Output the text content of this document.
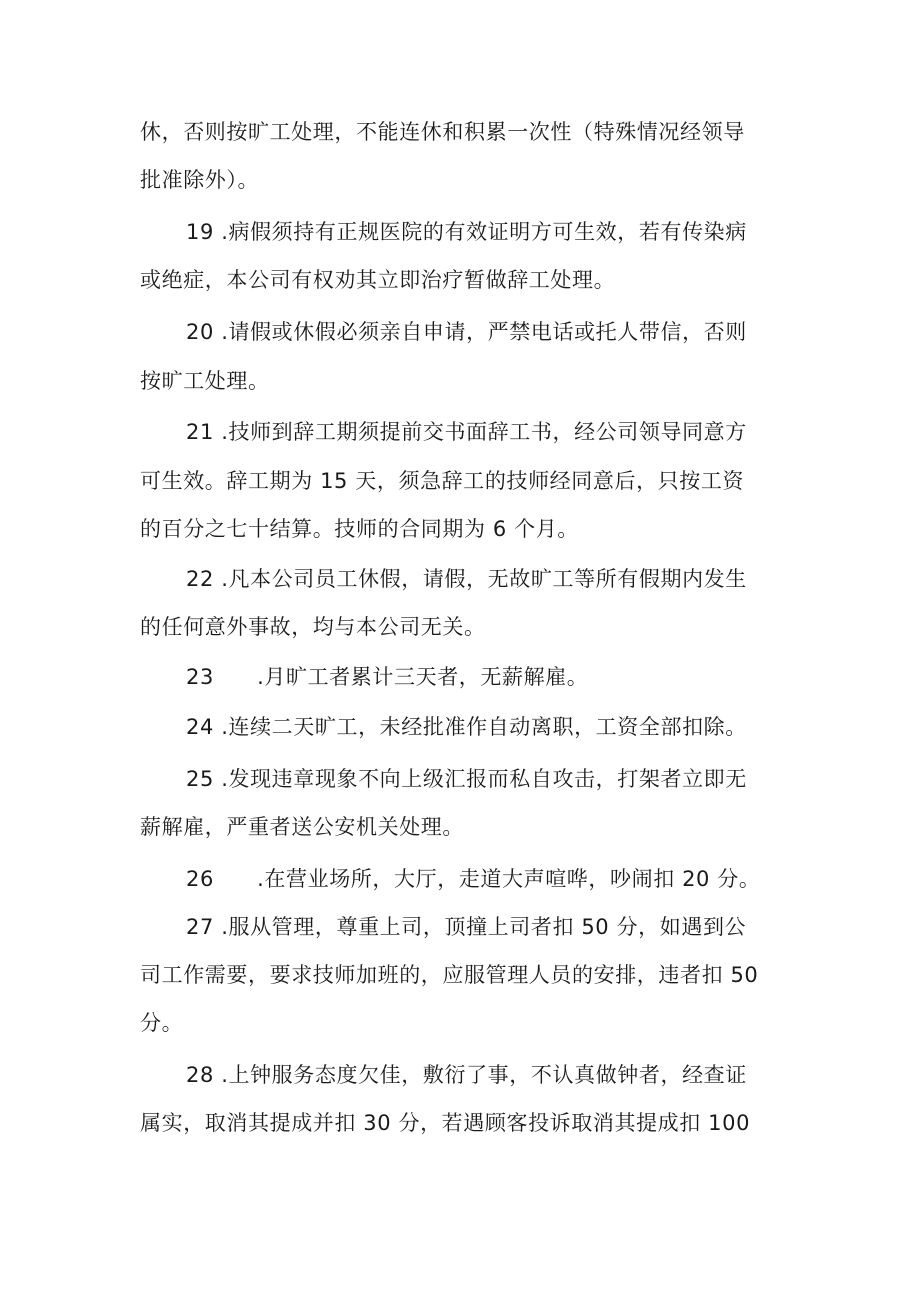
休，否则按旷工处理，不能连休和积累一次性（特殊情况经领导
批准除外）。
19 .病假须持有正规医院的有效证明方可生效，若有传染病
或绝症，本公司有权劝其立即治疗暂做辞工处理。
20 .请假或休假必须亲自申请，严禁电话或托人带信，否则
按旷工处理。
21 .技师到辞工期须提前交书面辞工书，经公司领导同意方
可生效。辞工期为 15 天，须急辞工的技师经同意后，只按工资
的百分之七十结算。技师的合同期为 6 个月。
22 .凡本公司员工休假，请假，无故旷工等所有假期内发生
的任何意外事故，均与本公司无关。
23　　.月旷工者累计三天者，无薪解雇。
24 .连续二天旷工，未经批准作自动离职，工资全部扣除。
25 .发现违章现象不向上级汇报而私自攻击，打架者立即无
薪解雇，严重者送公安机关处理。
26　　.在营业场所，大厅，走道大声喧哗，吵闹扣 20 分。
27 .服从管理，尊重上司，顶撞上司者扣 50 分，如遇到公
司工作需要，要求技师加班的，应服管理人员的安排，违者扣 50
分。
28 .上钟服务态度欠佳，敷衍了事，不认真做钟者，经查证
属实，取消其提成并扣 30 分，若遇顾客投诉取消其提成扣 100
